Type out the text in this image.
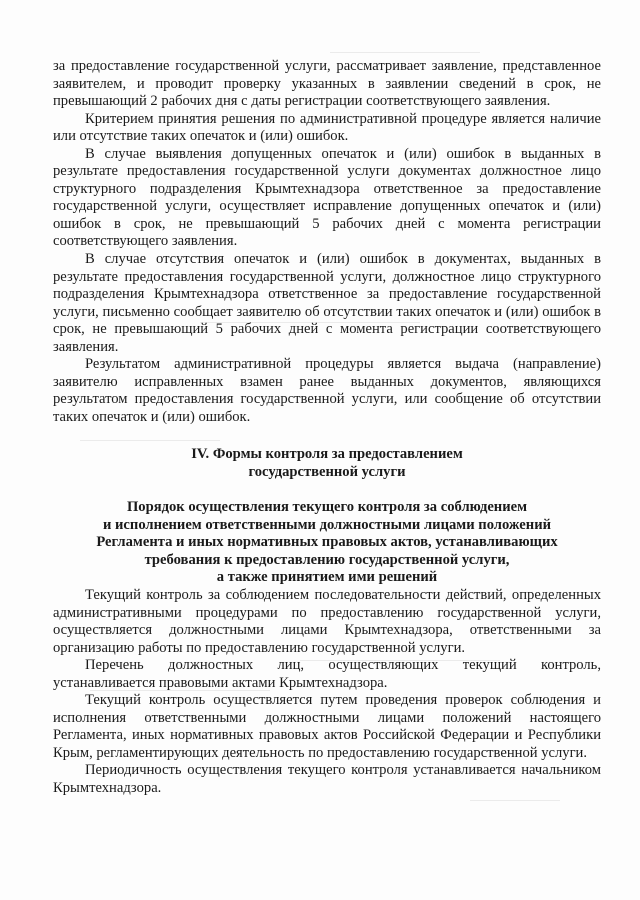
за предоставление государственной услуги, рассматривает заявление, представленное заявителем, и проводит проверку указанных в заявлении сведений в срок, не превышающий 2 рабочих дня с даты регистрации соответствующего заявления.

Критерием принятия решения по административной процедуре является наличие или отсутствие таких опечаток и (или) ошибок.

В случае выявления допущенных опечаток и (или) ошибок в выданных в результате предоставления государственной услуги документах должностное лицо структурного подразделения Крымтехнадзора ответственное за предоставление государственной услуги, осуществляет исправление допущенных опечаток и (или) ошибок в срок, не превышающий 5 рабочих дней с момента регистрации соответствующего заявления.

В случае отсутствия опечаток и (или) ошибок в документах, выданных в результате предоставления государственной услуги, должностное лицо структурного подразделения Крымтехнадзора ответственное за предоставление государственной услуги, письменно сообщает заявителю об отсутствии таких опечаток и (или) ошибок в срок, не превышающий 5 рабочих дней с момента регистрации соответствующего заявления.

Результатом административной процедуры является выдача (направление) заявителю исправленных взамен ранее выданных документов, являющихся результатом предоставления государственной услуги, или сообщение об отсутствии таких опечаток и (или) ошибок.

IV. Формы контроля за предоставлением
государственной услуги

Порядок осуществления текущего контроля за соблюдением
и исполнением ответственными должностными лицами положений
Регламента и иных нормативных правовых актов, устанавливающих
требования к предоставлению государственной услуги,
а также принятием ими решений

Текущий контроль за соблюдением последовательности действий, определенных административными процедурами по предоставлению государственной услуги, осуществляется должностными лицами Крымтехнадзора, ответственными за организацию работы по предоставлению государственной услуги.

Перечень должностных лиц, осуществляющих текущий контроль, устанавливается правовыми актами Крымтехнадзора.

Текущий контроль осуществляется путем проведения проверок соблюдения и исполнения ответственными должностными лицами положений настоящего Регламента, иных нормативных правовых актов Российской Федерации и Республики Крым, регламентирующих деятельность по предоставлению государственной услуги.

Периодичность осуществления текущего контроля устанавливается начальником Крымтехнадзора.
